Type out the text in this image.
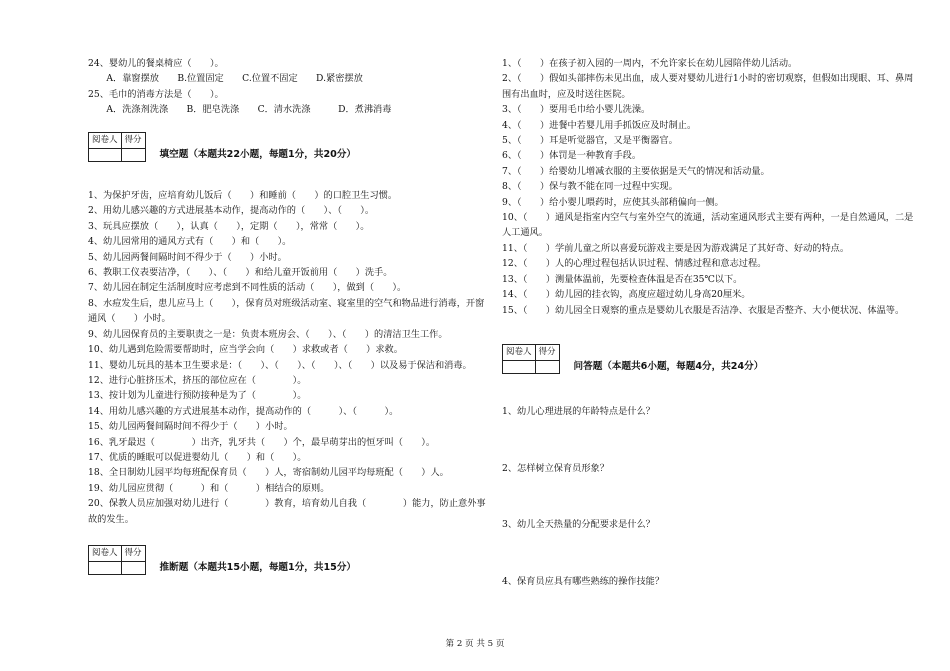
24、婴幼儿的餐桌椅应（　　）。
　　A．靠窗摆放　　B.位置固定　　C.位置不固定　　D.紧密摆放
25、毛巾的消毒方法是（　　）。
　　A．洗涤剂洗涤　　B．肥皂洗涤　　C．清水洗涤　　　D．煮沸消毒
阅卷人	得分

填空题（本题共22小题，每题1分，共20分）
1、为保护牙齿，应培育幼儿饭后（　　）和睡前（　　）的口腔卫生习惯。
2、用幼儿感兴趣的方式进展基本动作，提高动作的（　　）、（　　）。
3、玩具应摆放（　　），认真（　　），定期（　　），常常（　　）。
4、幼儿园常用的通风方式有（　　）和（　　）。
5、幼儿园两餐间隔时间不得少于（　　）小时。
6、教职工仪表要洁净，（　　）、（　　）和给儿童开饭前用（　　）洗手。
7、幼儿园在制定生活制度时应考虑到不同性质的活动（　　），做到（　　）。
8、水痘发生后，患儿应马上（　　），保育员对班级活动室、寝室里的空气和物品进行消毒，开窗通风（　　）小时。
9、幼儿园保育员的主要职责之一是：负责本班房会、（　　）、（　　）的清洁卫生工作。
10、幼儿遇到危险需要帮助时，应当学会向（　　）求救或者（　　）求救。
11、婴幼儿玩具的基本卫生要求是：（　　）、（　　）、（　　）、（　　）以及易于保洁和消毒。
12、进行心脏挤压术，挤压的部位应在（　　　　）。
13、按计划为儿童进行预防接种是为了（　　　　）。
14、用幼儿感兴趣的方式进展基本动作，提高动作的（　　　）、（　　　）。
15、幼儿园两餐间隔时间不得少于（　　）小时。
16、乳牙最迟（　　　　）出齐，乳牙共（　　）个，最早萌芽出的恒牙叫（　　）。
17、优质的睡眠可以促进婴幼儿（　　）和（　　）。
18、全日制幼儿园平均每班配保育员（　　）人，寄宿制幼儿园平均每班配（　　）人。
19、幼儿园应贯彻（　　　）和（　　　）相结合的原则。
20、保教人员应加强对幼儿进行（　　　　）教育，培育幼儿自我（　　　　）能力，防止意外事故的发生。
阅卷人	得分

推断题（本题共15小题，每题1分，共15分）
1、（　　）在孩子初入园的一周内，不允许家长在幼儿园陪伴幼儿活动。
2、（　　）假如头部摔伤未见出血，成人要对婴幼儿进行1小时的密切观察，但假如出现眼、耳、鼻周围有出血时，应及时送往医院。
3、（　　）要用毛巾给小婴儿洗澡。
4、（　　）进餐中若婴儿用手抓饭应及时制止。
5、（　　）耳是听觉器官，又是平衡器官。
6、（　　）体罚是一种教育手段。
7、（　　）给婴幼儿增减衣服的主要依据是天气的情况和活动量。
8、（　　）保与教不能在同一过程中实现。
9、（　　）给小婴儿喂药时，应使其头部稍偏向一侧。
10、（　　）通风是指室内空气与室外空气的流通，活动室通风形式主要有两种，一是自然通风，二是人工通风。
11、（　　）学前儿童之所以喜爱玩游戏主要是因为游戏满足了其好奇、好动的特点。
12、（　　）人的心理过程包括认识过程、情感过程和意志过程。
13、（　　）测量体温前，先要检查体温是否在35℃以下。
14、（　　）幼儿园的挂衣钩，高度应超过幼儿身高20厘米。
15、（　　）幼儿园全日观察的重点是婴幼儿衣服是否洁净、衣服是否整齐、大小便状况、体温等。
阅卷人	得分

问答题（本题共6小题，每题4分，共24分）
1、幼儿心理进展的年龄特点是什么？
2、怎样树立保育员形象？
3、幼儿全天热量的分配要求是什么？
4、保育员应具有哪些熟练的操作技能？
第 2 页 共 5 页
